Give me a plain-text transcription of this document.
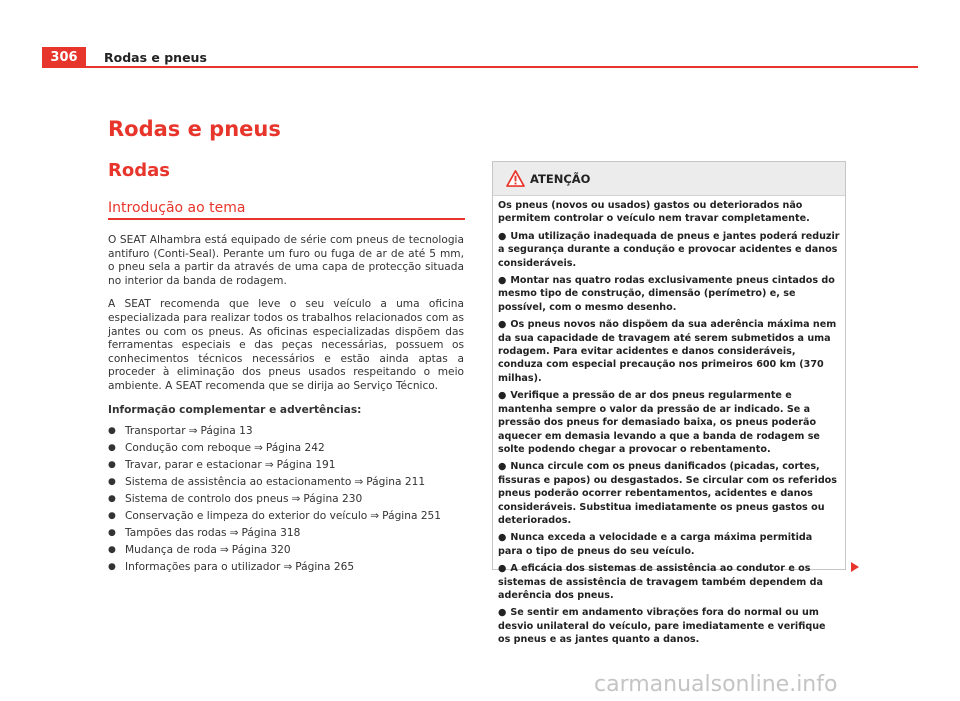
306 Rodas e pneus
Rodas e pneus
Rodas
Introdução ao tema

O SEAT Alhambra está equipado de série com pneus de tecnologia antifuro (Conti-Seal). Perante um furo ou fuga de ar de até 5 mm, o pneu sela a partir da através de uma capa de protecção situada no interior da banda de rodagem.

A SEAT recomenda que leve o seu veículo a uma oficina especializada para realizar todos os trabalhos relacionados com as jantes ou com os pneus. As oficinas especializadas dispõem das ferramentas especiais e das peças necessárias, possuem os conhecimentos técnicos necessários e estão ainda aptas a proceder à eliminação dos pneus usados respeitando o meio ambiente. A SEAT recomenda que se dirija ao Serviço Técnico.

Informação complementar e advertências:
● Transportar ⇒ Página 13
● Condução com reboque ⇒ Página 242
● Travar, parar e estacionar ⇒ Página 191
● Sistema de assistência ao estacionamento ⇒ Página 211
● Sistema de controlo dos pneus ⇒ Página 230
● Conservação e limpeza do exterior do veículo ⇒ Página 251
● Tampões das rodas ⇒ Página 318
● Mudança de roda ⇒ Página 320
● Informações para o utilizador ⇒ Página 265
ATENÇÃO

Os pneus (novos ou usados) gastos ou deteriorados não permitem controlar o veículo nem travar completamente.

● Uma utilização inadequada de pneus e jantes poderá reduzir a segurança durante a condução e provocar acidentes e danos consideráveis.

● Montar nas quatro rodas exclusivamente pneus cintados do mesmo tipo de construção, dimensão (perímetro) e, se possível, com o mesmo desenho.

● Os pneus novos não dispõem da sua aderência máxima nem da sua capacidade de travagem até serem submetidos a uma rodagem. Para evitar acidentes e danos consideráveis, conduza com especial precaução nos primeiros 600 km (370 milhas).

● Verifique a pressão de ar dos pneus regularmente e mantenha sempre o valor da pressão de ar indicado. Se a pressão dos pneus for demasiado baixa, os pneus poderão aquecer em demasia levando a que a banda de rodagem se solte podendo chegar a provocar o rebentamento.

● Nunca circule com os pneus danificados (picadas, cortes, fissuras e papos) ou desgastados. Se circular com os referidos pneus poderão ocorrer rebentamentos, acidentes e danos consideráveis. Substitua imediatamente os pneus gastos ou deteriorados.

● Nunca exceda a velocidade e a carga máxima permitida para o tipo de pneus do seu veículo.

● A eficácia dos sistemas de assistência ao condutor e os sistemas de assistência de travagem também dependem da aderência dos pneus.

● Se sentir em andamento vibrações fora do normal ou um desvio unilateral do veículo, pare imediatamente e verifique os pneus e as jantes quanto a danos.

carmanualsonline.info
